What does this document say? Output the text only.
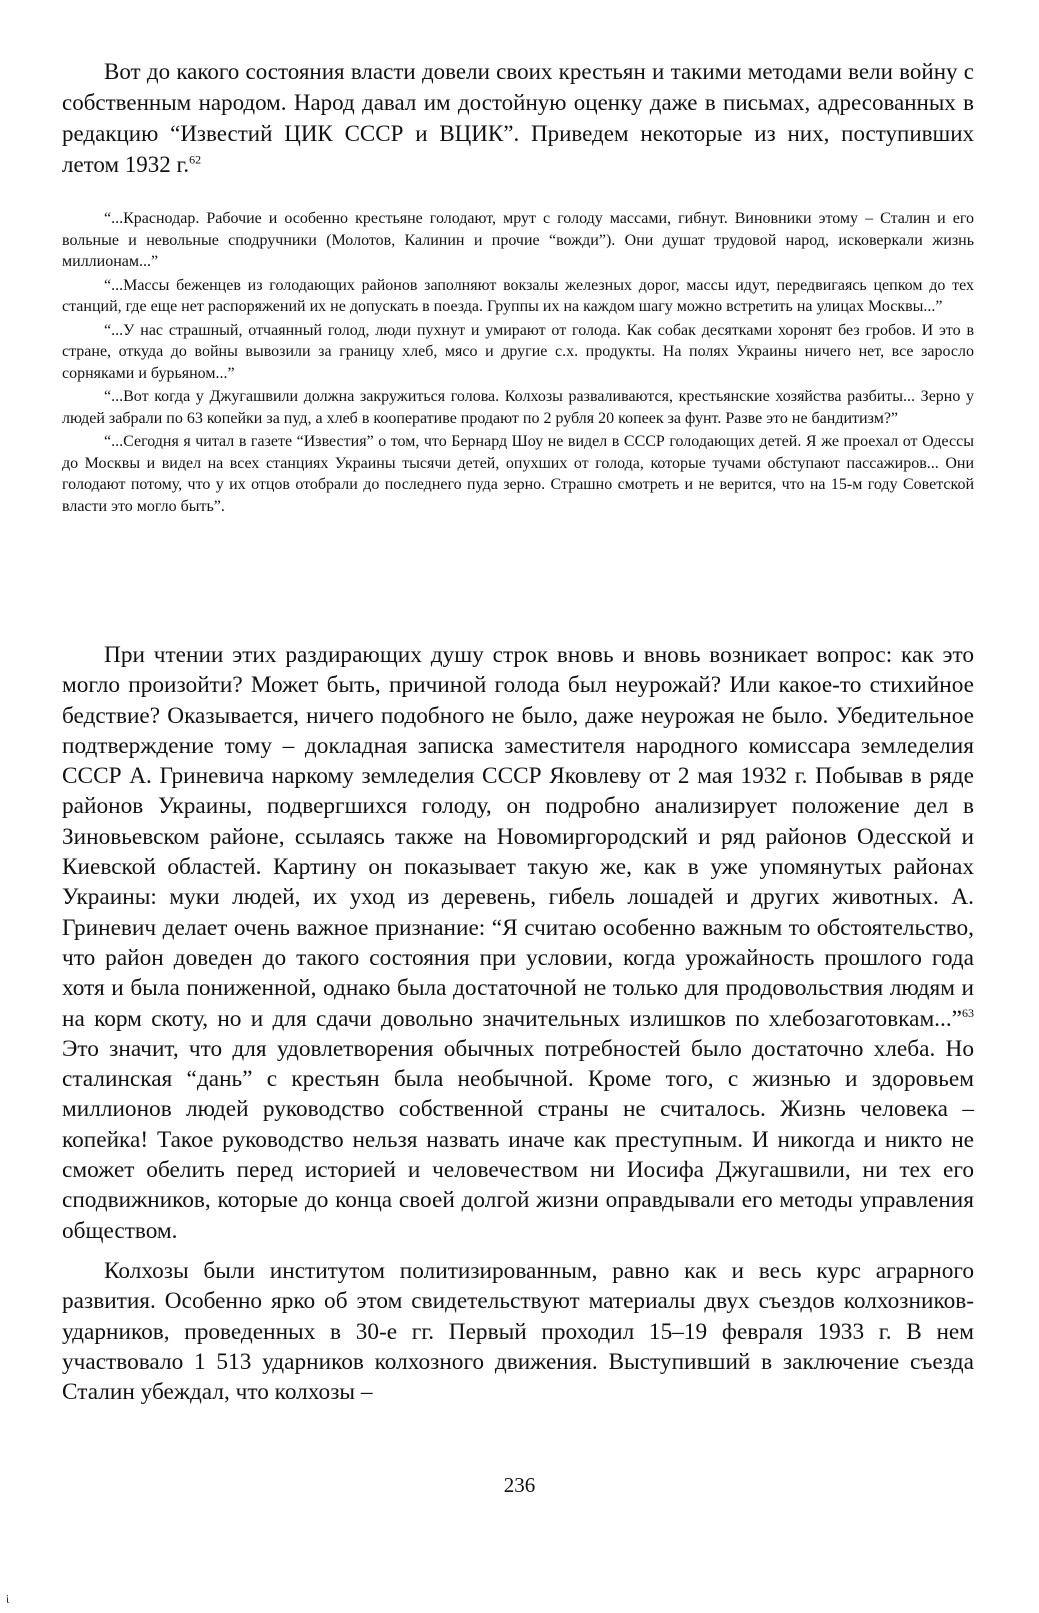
Вот до какого состояния власти довели своих крестьян и такими методами вели войну с собственным народом. Народ давал им достойную оценку даже в письмах, адресованных в редакцию “Известий ЦИК СССР и ВЦИК”. Приведем некоторые из них, поступивших летом 1932 г.$^{62}$

“...Краснодар. Рабочие и особенно крестьяне голодают, мрут с голоду массами, гибнут. Виновники этому – Сталин и его вольные и невольные сподручники (Молотов, Калинин и прочие “вожди”). Они душат трудовой народ, исковеркали жизнь миллионам...”

“...Массы беженцев из голодающих районов заполняют вокзалы железных дорог, массы идут, передвигаясь цепком до тех станций, где еще нет распоряжений их не допускать в поезда. Группы их на каждом шагу можно встретить на улицах Москвы...”

“...У нас страшный, отчаянный голод, люди пухнут и умирают от голода. Как собак десятками хоронят без гробов. И это в стране, откуда до войны вывозили за границу хлеб, мясо и другие с.х. продукты. На полях Украины ничего нет, все заросло сорняками и бурьяном...”

“...Вот когда у Джугашвили должна закружиться голова. Колхозы разваливаются, крестьянские хозяйства разбиты... Зерно у людей забрали по 63 копейки за пуд, а хлеб в кооперативе продают по 2 рубля 20 копеек за фунт. Разве это не бандитизм?”

“...Сегодня я читал в газете “Известия” о том, что Бернард Шоу не видел в СССР голодающих детей. Я же проехал от Одессы до Москвы и видел на всех станциях Украины тысячи детей, опухших от голода, которые тучами обступают пассажиров... Они голодают потому, что у их отцов отобрали до последнего пуда зерно. Страшно смотреть и не верится, что на 15-м году Советской власти это могло быть”.

При чтении этих раздирающих душу строк вновь и вновь возникает вопрос: как это могло произойти? Может быть, причиной голода был неурожай? Или какое-то стихийное бедствие? Оказывается, ничего подобного не было, даже неурожая не было. Убедительное подтверждение тому – докладная записка заместителя народного комиссара земледелия СССР А. Гриневича наркому земледелия СССР Яковлеву от 2 мая 1932 г. Побывав в ряде районов Украины, подвергшихся голоду, он подробно анализирует положение дел в Зиновьевском районе, ссылаясь также на Новомиргородский и ряд районов Одесской и Киевской областей. Картину он показывает такую же, как в уже упомянутых районах Украины: муки людей, их уход из деревень, гибель лошадей и других животных. А. Гриневич делает очень важное признание: “Я считаю особенно важным то обстоятельство, что район доведен до такого состояния при условии, когда урожайность прошлого года хотя и была пониженной, однако была достаточной не только для продовольствия людям и на корм скоту, но и для сдачи довольно значительных излишков по хлебозаготовкам...”$^{63}$ Это значит, что для удовлетворения обычных потребностей было достаточно хлеба. Но сталинская “дань” с крестьян была необычной. Кроме того, с жизнью и здоровьем миллионов людей руководство собственной страны не считалось. Жизнь человека – копейка! Такое руководство нельзя назвать иначе как преступным. И никогда и никто не сможет обелить перед историей и человечеством ни Иосифа Джугашвили, ни тех его сподвижников, которые до конца своей долгой жизни оправдывали его методы управления обществом.

Колхозы были институтом политизированным, равно как и весь курс аграрного развития. Особенно ярко об этом свидетельствуют материалы двух съездов колхозников-ударников, проведенных в 30-е гг. Первый проходил 15–19 февраля 1933 г. В нем участвовало 1 513 ударников колхозного движения. Выступивший в заключение съезда Сталин убеждал, что колхозы –

236
ὶ
